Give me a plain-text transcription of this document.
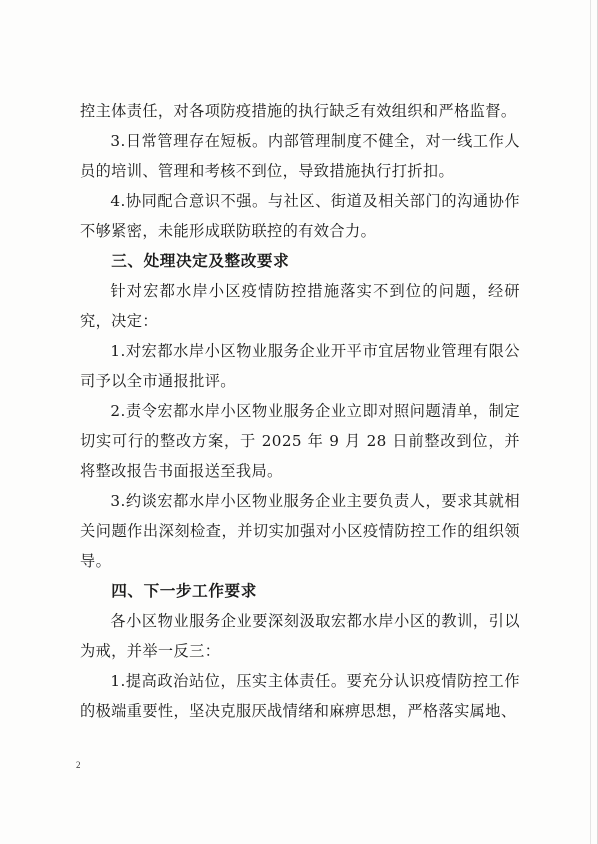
控主体责任，对各项防疫措施的执行缺乏有效组织和严格监督。

3.日常管理存在短板。内部管理制度不健全，对一线工作人员的培训、管理和考核不到位，导致措施执行打折扣。

4.协同配合意识不强。与社区、街道及相关部门的沟通协作不够紧密，未能形成联防联控的有效合力。

三、处理决定及整改要求

针对宏都水岸小区疫情防控措施落实不到位的问题，经研究，决定：

1.对宏都水岸小区物业服务企业开平市宜居物业管理有限公司予以全市通报批评。

2.责令宏都水岸小区物业服务企业立即对照问题清单，制定切实可行的整改方案，于 2025 年 9 月 28 日前整改到位，并将整改报告书面报送至我局。

3.约谈宏都水岸小区物业服务企业主要负责人，要求其就相关问题作出深刻检查，并切实加强对小区疫情防控工作的组织领导。

四、下一步工作要求

各小区物业服务企业要深刻汲取宏都水岸小区的教训，引以为戒，并举一反三：

1.提高政治站位，压实主体责任。要充分认识疫情防控工作的极端重要性，坚决克服厌战情绪和麻痹思想，严格落实属地、

2
